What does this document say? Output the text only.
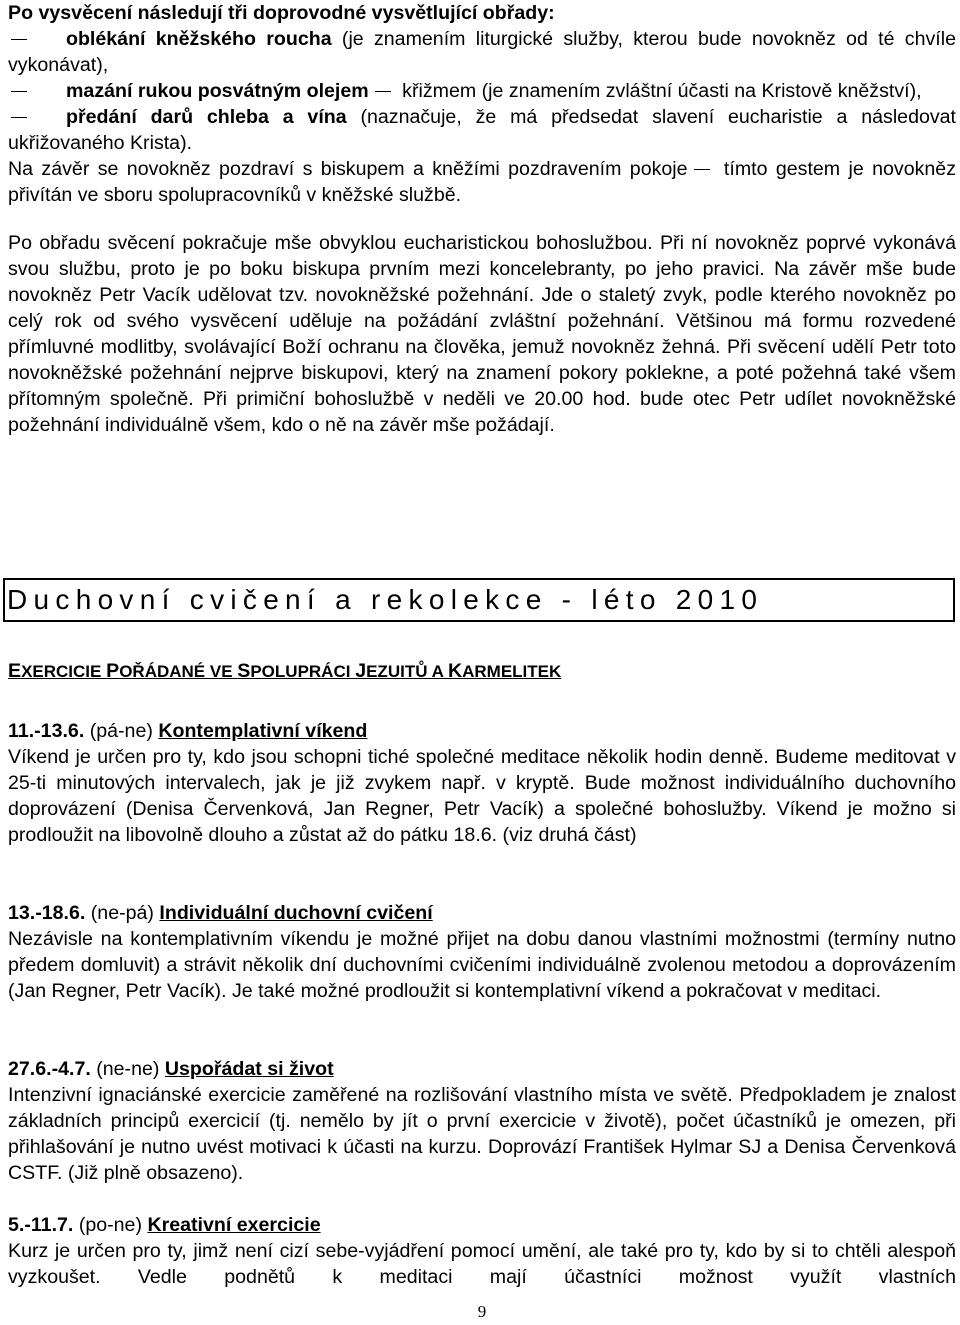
Po vysvěcení následují tři doprovodné vysvětlující obřady:

oblékání kněžského roucha (je znamením liturgické služby, kterou bude novokněz od té chvíle vykonávat),

mazání rukou posvátným olejem křižmem (je znamením zvláštní účasti na Kristově kněžství),

předání darů chleba a vína (naznačuje, že má předsedat slavení eucharistie a následovat ukřižovaného Krista).

Na závěr se novokněz pozdraví s biskupem a kněžími pozdravením pokoje tímto gestem je novokněz přivítán ve sboru spolupracovníků v kněžské službě.

Po obřadu svěcení pokračuje mše obvyklou eucharistickou bohoslužbou. Při ní novokněz poprvé vykonává svou službu, proto je po boku biskupa prvním mezi koncelebranty, po jeho pravici. Na závěr mše bude novokněz Petr Vacík udělovat tzv. novokněžské požehnání. Jde o staletý zvyk, podle kterého novokněz po celý rok od svého vysvěcení uděluje na požádání zvláštní požehnání. Většinou má formu rozvedené přímluvné modlitby, svolávající Boží ochranu na člověka, jemuž novokněz žehná. Při svěcení udělí Petr toto novokněžské požehnání nejprve biskupovi, který na znamení pokory poklekne, a poté požehná také všem přítomným společně. Při primiční bohoslužbě v neděli ve 20.00 hod. bude otec Petr udílet novokněžské požehnání individuálně všem, kdo o ně na závěr mše požádají.

Duchovní cvičení a rekolekce - léto 2010
EXERCICIE POŘÁDANÉ VE SPOLUPRÁCI JEZUITŮ A KARMELITEK

11.-13.6. (pá-ne) Kontemplativní víkend

Víkend je určen pro ty, kdo jsou schopni tiché společné meditace několik hodin denně. Budeme meditovat v 25-ti minutových intervalech, jak je již zvykem např. v kryptě. Bude možnost individuálního duchovního doprovázení (Denisa Červenková, Jan Regner, Petr Vacík) a společné bohoslužby. Víkend je možno si prodloužit na libovolně dlouho a zůstat až do pátku 18.6. (viz druhá část)

13.-18.6. (ne-pá) Individuální duchovní cvičení

Nezávisle na kontemplativním víkendu je možné přijet na dobu danou vlastními možnostmi (termíny nutno předem domluvit) a strávit několik dní duchovními cvičeními individuálně zvolenou metodou a doprovázením (Jan Regner, Petr Vacík). Je také možné prodloužit si kontemplativní víkend a pokračovat v meditaci.

27.6.-4.7. (ne-ne) Uspořádat si život

Intenzivní ignaciánské exercicie zaměřené na rozlišování vlastního místa ve světě. Předpokladem je znalost základních principů exercicií (tj. nemělo by jít o první exercicie v životě), počet účastníků je omezen, při přihlašování je nutno uvést motivaci k účasti na kurzu. Doprovází František Hylmar SJ a Denisa Červenková CSTF. (Již plně obsazeno).

5.-11.7. (po-ne) Kreativní exercicie

Kurz je určen pro ty, jimž není cizí sebe-vyjádření pomocí umění, ale také pro ty, kdo by si to chtěli alespoň vyzkoušet. Vedle podnětů k meditaci mají účastníci možnost využít vlastních

9
